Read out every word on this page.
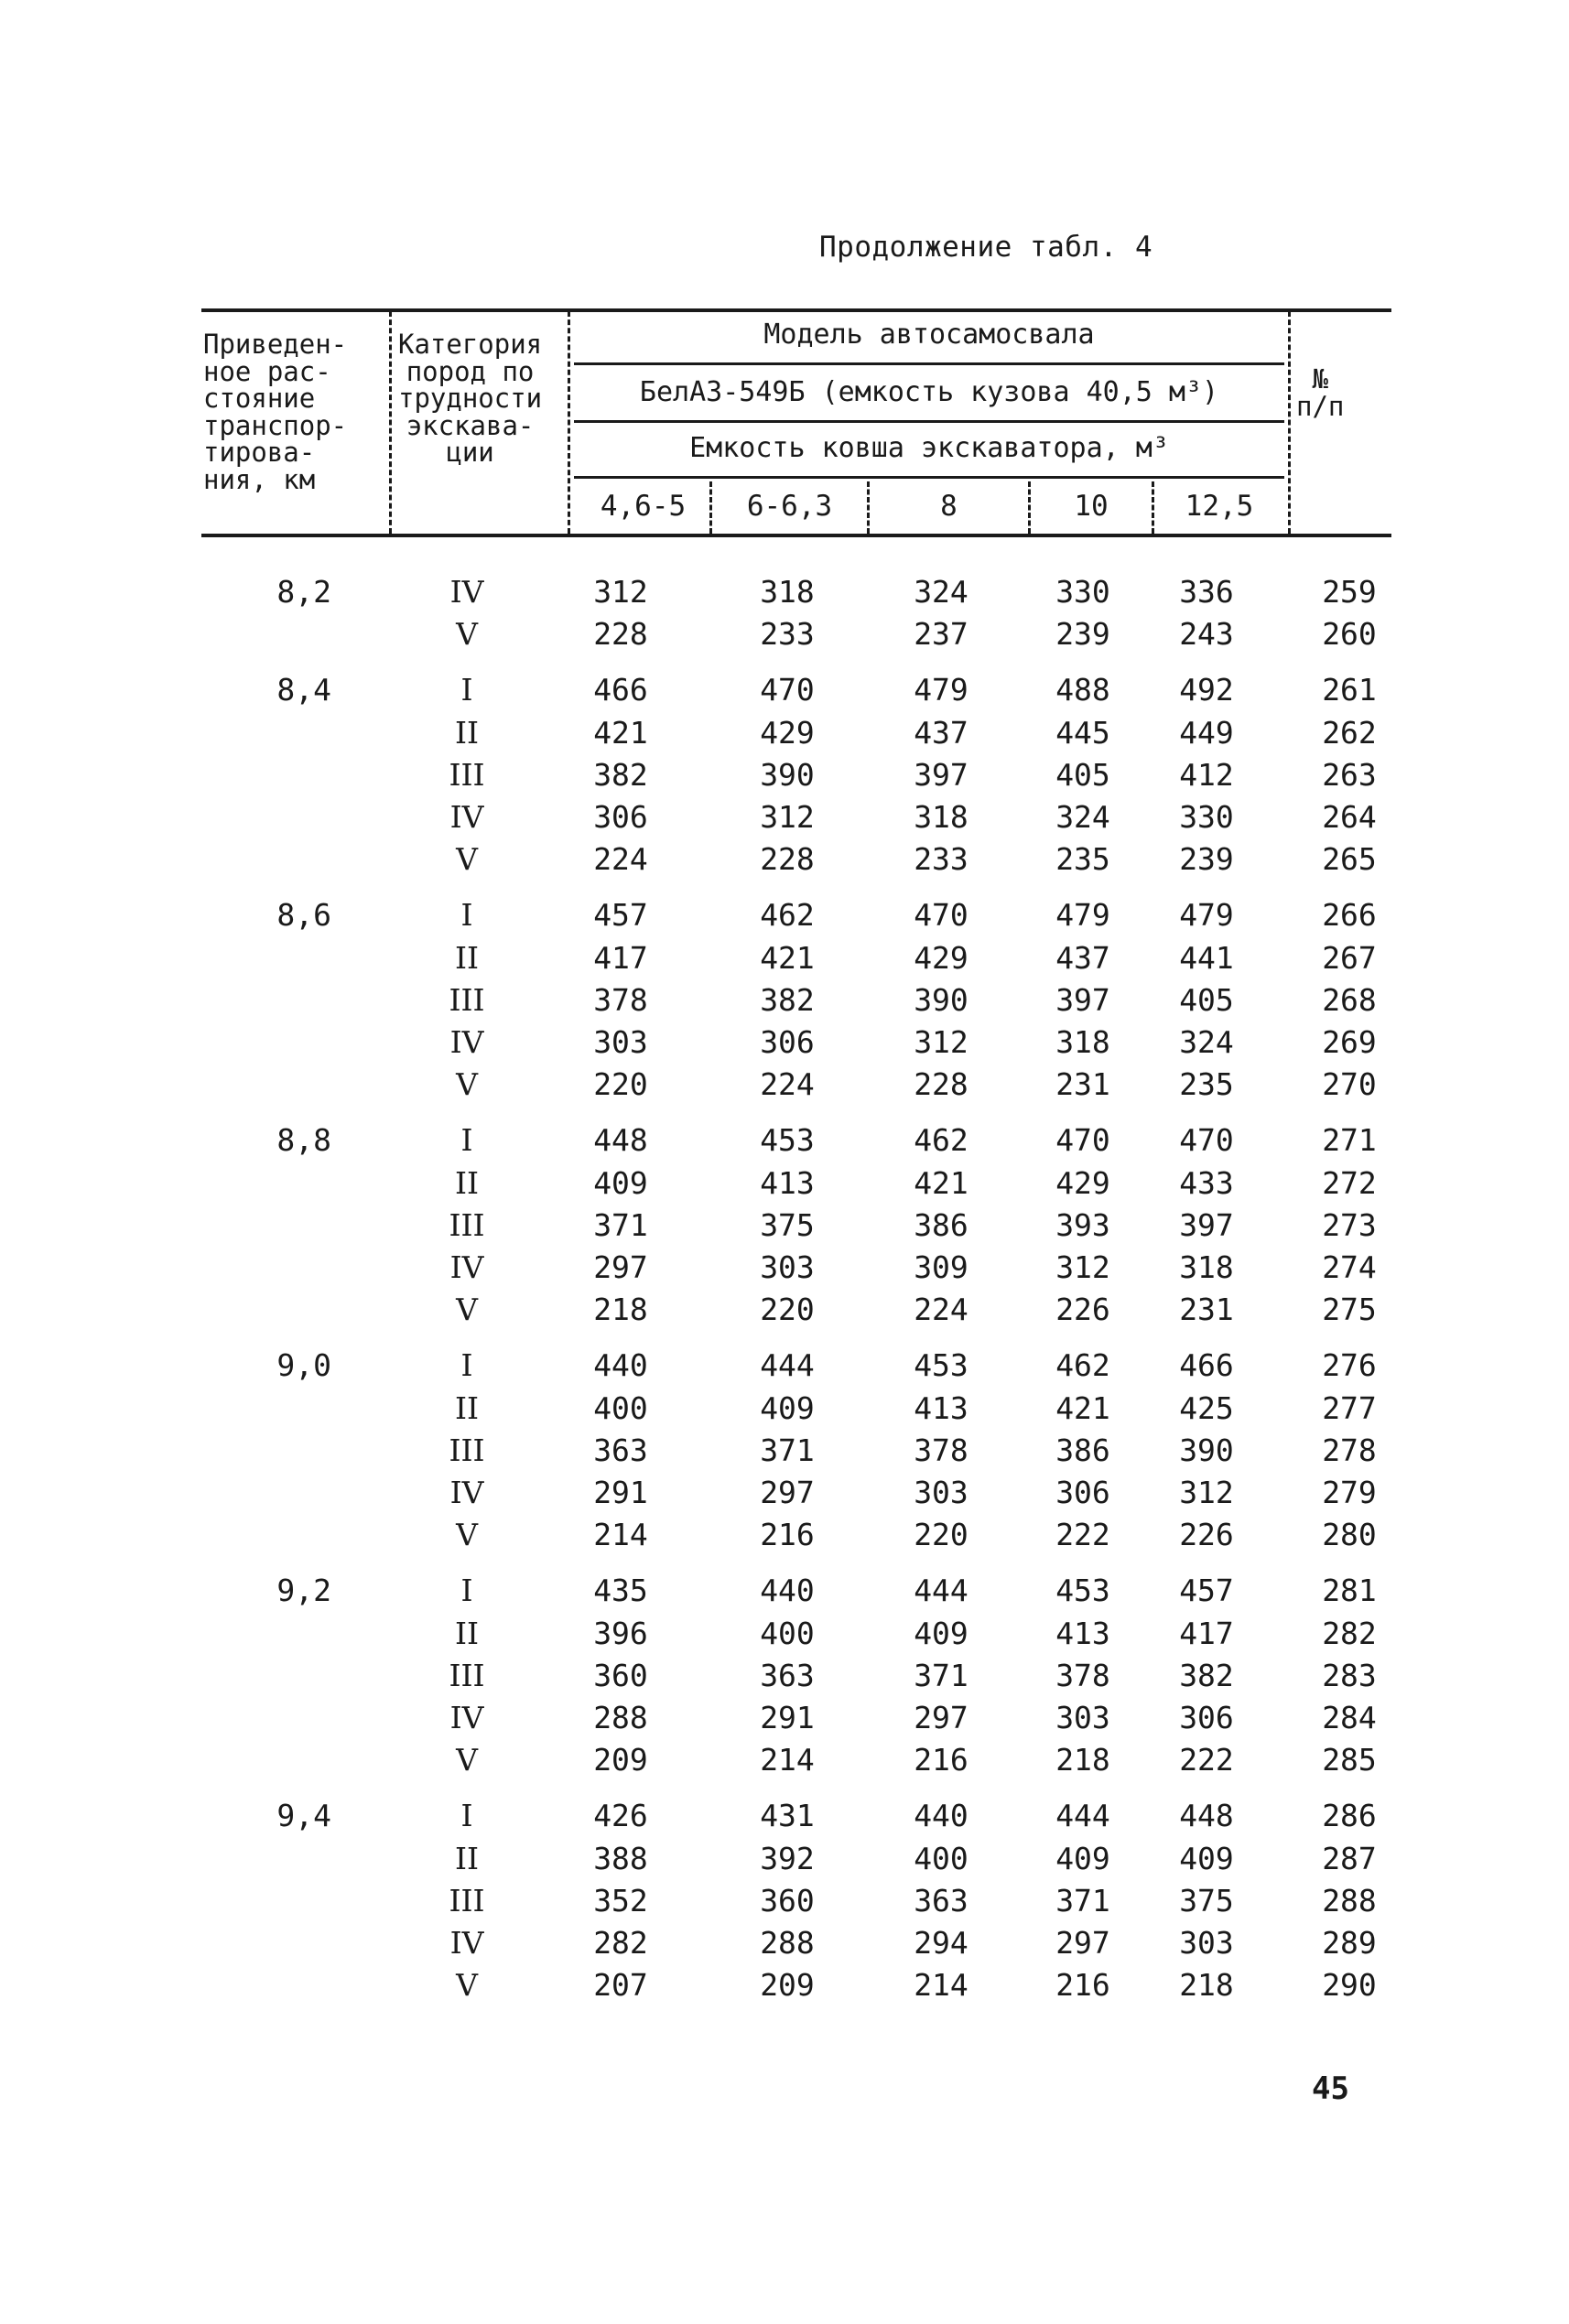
Продолжение табл. 4
Приведен-
ное рас-
стояние
транспор-
тирова-
ния, км
Категория
пород по
трудности
экскава-
ции
Модель автосамосвала
БелАЗ-549Б (емкость кузова 40,5 м³)
Емкость ковша экскаватора, м³
№
п/п
4,6-5	6-6,3	8	10	12,5
8,2	IV	312	318	324	330	336	259
V	228	233	237	239	243	260
8,4	I	466	470	479	488	492	261
II	421	429	437	445	449	262
III	382	390	397	405	412	263
IV	306	312	318	324	330	264
V	224	228	233	235	239	265
8,6	I	457	462	470	479	479	266
II	417	421	429	437	441	267
III	378	382	390	397	405	268
IV	303	306	312	318	324	269
V	220	224	228	231	235	270
8,8	I	448	453	462	470	470	271
II	409	413	421	429	433	272
III	371	375	386	393	397	273
IV	297	303	309	312	318	274
V	218	220	224	226	231	275
9,0	I	440	444	453	462	466	276
II	400	409	413	421	425	277
III	363	371	378	386	390	278
IV	291	297	303	306	312	279
V	214	216	220	222	226	280
9,2	I	435	440	444	453	457	281
II	396	400	409	413	417	282
III	360	363	371	378	382	283
IV	288	291	297	303	306	284
V	209	214	216	218	222	285
9,4	I	426	431	440	444	448	286
II	388	392	400	409	409	287
III	352	360	363	371	375	288
IV	282	288	294	297	303	289
V	207	209	214	216	218	290
45
